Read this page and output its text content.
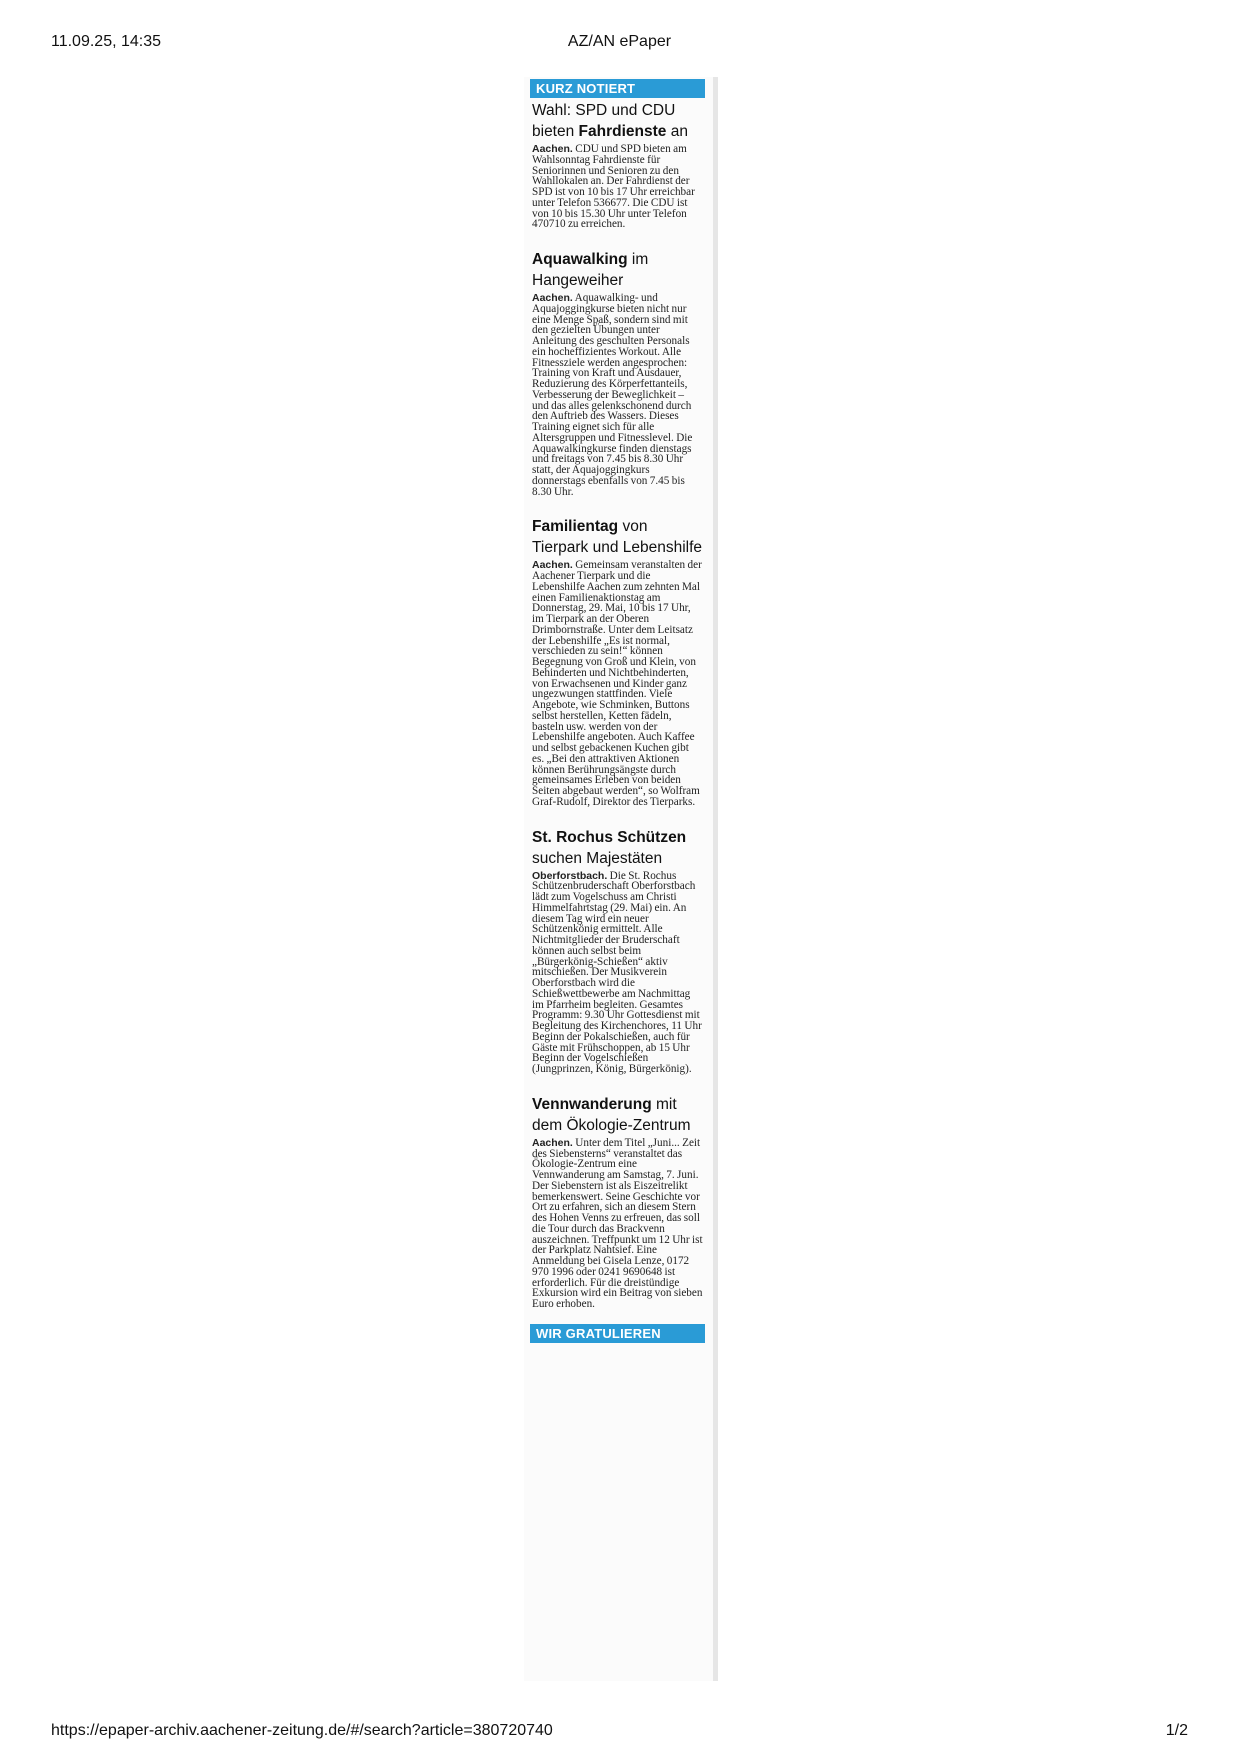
11.09.25, 14:35	AZ/AN ePaper
KURZ NOTIERT
Wahl: SPD und CDU bieten Fahrdienste an

Aachen. CDU und SPD bieten am Wahlsonntag Fahrdienste für Seniorinnen und Senioren zu den Wahllokalen an. Der Fahrdienst der SPD ist von 10 bis 17 Uhr erreichbar unter Telefon 536677. Die CDU ist von 10 bis 15.30 Uhr unter Telefon 470710 zu erreichen.

Aquawalking im Hangeweiher

Aachen. Aquawalking- und Aquajoggingkurse bieten nicht nur eine Menge Spaß, sondern sind mit den gezielten Übungen unter Anleitung des geschulten Personals ein hocheffizientes Workout. Alle Fitnessziele werden angesprochen: Training von Kraft und Ausdauer, Reduzierung des Körperfettanteils, Verbesserung der Beweglichkeit – und das alles gelenkschonend durch den Auftrieb des Wassers. Dieses Training eignet sich für alle Altersgruppen und Fitnesslevel. Die Aquawalkingkurse finden dienstags und freitags von 7.45 bis 8.30 Uhr statt, der Aquajoggingkurs donnerstags ebenfalls von 7.45 bis 8.30 Uhr.

Familientag von Tierpark und Lebenshilfe

Aachen. Gemeinsam veranstalten der Aachener Tierpark und die Lebenshilfe Aachen zum zehnten Mal einen Familienaktionstag am Donnerstag, 29. Mai, 10 bis 17 Uhr, im Tierpark an der Oberen Drimbornstraße. Unter dem Leitsatz der Lebenshilfe „Es ist normal, verschieden zu sein!“ können Begegnung von Groß und Klein, von Behinderten und Nichtbehinderten, von Erwachsenen und Kinder ganz ungezwungen stattfinden. Viele Angebote, wie Schminken, Buttons selbst herstellen, Ketten fädeln, basteln usw. werden von der Lebenshilfe angeboten. Auch Kaffee und selbst gebackenen Kuchen gibt es. „Bei den attraktiven Aktionen können Berührungsängste durch gemeinsames Erleben von beiden Seiten abgebaut werden“, so Wolfram Graf-Rudolf, Direktor des Tierparks.

St. Rochus Schützen suchen Majestäten

Oberforstbach. Die St. Rochus Schützenbruderschaft Oberforstbach lädt zum Vogelschuss am Christi Himmelfahrtstag (29. Mai) ein. An diesem Tag wird ein neuer Schützenkönig ermittelt. Alle Nichtmitglieder der Bruderschaft können auch selbst beim „Bürgerkönig-Schießen“ aktiv mitschießen. Der Musikverein Oberforstbach wird die Schießwettbewerbe am Nachmittag im Pfarrheim begleiten. Gesamtes Programm: 9.30 Uhr Gottesdienst mit Begleitung des Kirchenchores, 11 Uhr Beginn der Pokalschießen, auch für Gäste mit Frühschoppen, ab 15 Uhr Beginn der Vogelschießen (Jungprinzen, König, Bürgerkönig).

Vennwanderung mit dem Ökologie-Zentrum

Aachen. Unter dem Titel „Juni... Zeit des Siebensterns“ veranstaltet das Ökologie-Zentrum eine Vennwanderung am Samstag, 7. Juni. Der Siebenstern ist als Eiszeitrelikt bemerkenswert. Seine Geschichte vor Ort zu erfahren, sich an diesem Stern des Hohen Venns zu erfreuen, das soll die Tour durch das Brackvenn auszeichnen. Treffpunkt um 12 Uhr ist der Parkplatz Nahtsief. Eine Anmeldung bei Gisela Lenze, 0172 970 1996 oder 0241 9690648 ist erforderlich. Für die dreistündige Exkursion wird ein Beitrag von sieben Euro erhoben.

WIR GRATULIEREN
https://epaper-archiv.aachener-zeitung.de/#/search?article=380720740	1/2
